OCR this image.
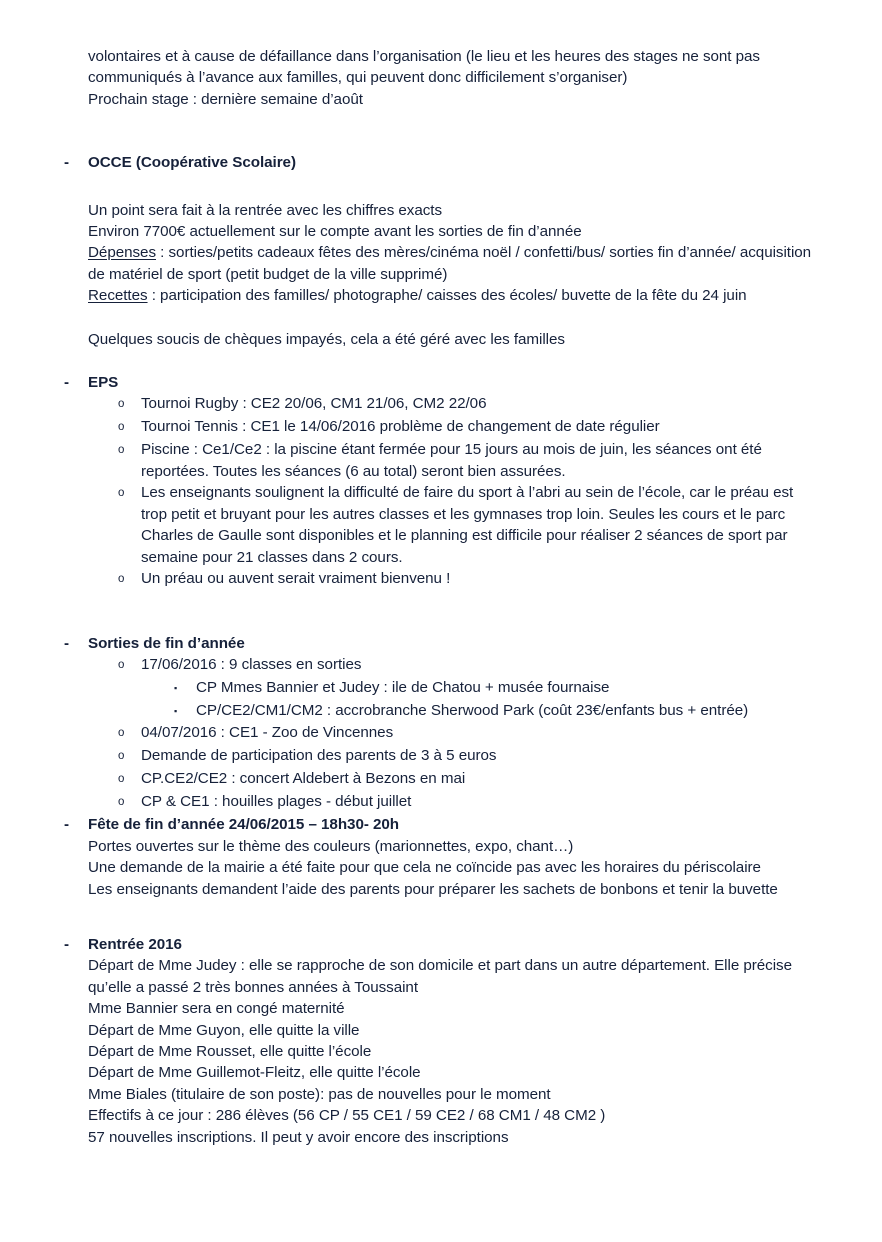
volontaires et à cause de défaillance dans l’organisation (le lieu et les heures des stages ne sont pas communiqués à l’avance aux familles, qui peuvent donc difficilement s’organiser)
Prochain stage : dernière semaine d’août
-	OCCE (Coopérative Scolaire)
Un point sera fait à la rentrée avec les chiffres exacts
Environ 7700€ actuellement sur le compte avant les sorties de fin d’année
Dépenses : sorties/petits cadeaux fêtes des mères/cinéma noël / confetti/bus/ sorties fin d’année/ acquisition de matériel de sport (petit budget de la ville supprimé)
Recettes : participation des familles/ photographe/ caisses des écoles/ buvette de la fête du 24 juin
Quelques soucis de chèques impayés, cela a été géré avec les familles
-	EPS
o	Tournoi Rugby : CE2 20/06, CM1 21/06, CM2 22/06
o	Tournoi Tennis : CE1 le 14/06/2016 problème de changement de date régulier
o	Piscine : Ce1/Ce2 : la piscine étant fermée pour 15 jours au mois de juin, les séances ont été reportées. Toutes les séances (6 au total) seront bien assurées.
o	Les enseignants soulignent la difficulté de faire du sport à l’abri au sein de l’école, car le préau est trop petit et bruyant pour les autres classes et les gymnases trop loin. Seules les cours et le parc Charles de Gaulle sont disponibles et le planning est difficile pour réaliser 2 séances de sport par semaine pour 21 classes dans 2 cours.
o	Un préau ou auvent serait vraiment bienvenu !
-	Sorties de fin d’année
o	17/06/2016 : 9 classes en sorties
▪	CP Mmes Bannier et Judey : ile de Chatou + musée fournaise
▪	CP/CE2/CM1/CM2 : accrobranche Sherwood Park (coût 23€/enfants bus + entrée)
o	04/07/2016 : CE1 - Zoo de Vincennes
o	Demande de participation des parents de 3 à 5 euros
o	CP.CE2/CE2 : concert Aldebert à Bezons en mai
o	CP & CE1 : houilles plages - début juillet
-	Fête de fin d’année 24/06/2015 – 18h30- 20h
Portes ouvertes sur le thème des couleurs (marionnettes, expo, chant…)
Une demande de la mairie a été faite pour que cela ne coïncide pas avec les horaires du périscolaire
Les enseignants demandent l’aide des parents pour préparer les sachets de bonbons et tenir la buvette
-	Rentrée 2016
Départ de Mme Judey : elle se rapproche de son domicile et part dans un autre département. Elle précise qu’elle a passé 2 très bonnes années à Toussaint
Mme Bannier sera en congé maternité
Départ de Mme Guyon, elle quitte la ville
Départ de Mme Rousset, elle quitte l’école
Départ de Mme Guillemot-Fleitz, elle quitte l’école
Mme Biales (titulaire de son poste): pas de nouvelles pour le moment
Effectifs à ce jour : 286 élèves (56 CP / 55 CE1 / 59 CE2 / 68 CM1 / 48 CM2 )
57 nouvelles inscriptions. Il peut y avoir encore des inscriptions
